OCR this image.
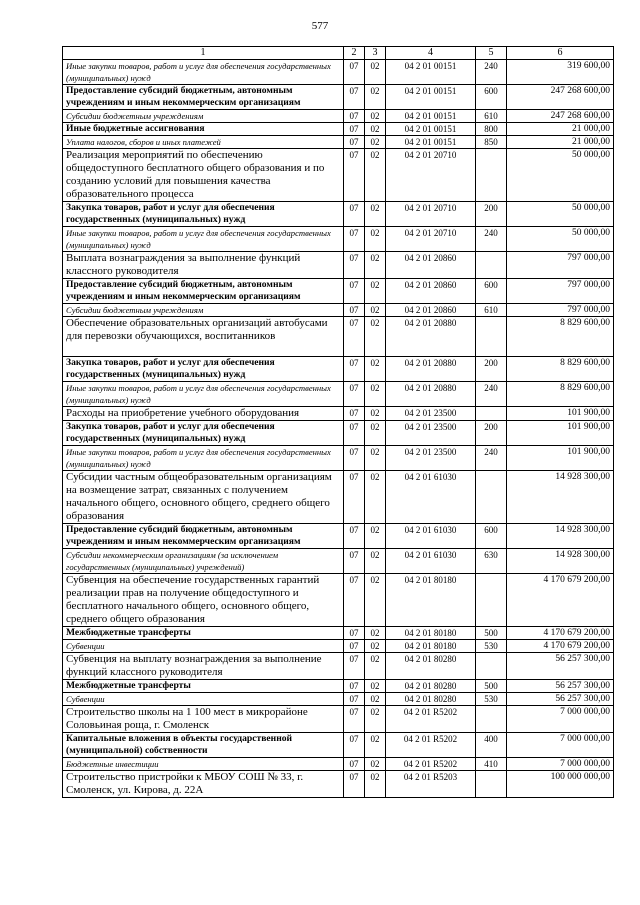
577
1	2	3	4	5	6
Иные закупки товаров, работ и услуг для обеспечения государственных (муниципальных) нужд	07	02	04 2 01 00151	240	319 600,00
Предоставление субсидий бюджетным, автономным учреждениям и иным некоммерческим организациям	07	02	04 2 01 00151	600	247 268 600,00
Субсидии бюджетным учреждениям	07	02	04 2 01 00151	610	247 268 600,00
Иные бюджетные ассигнования	07	02	04 2 01 00151	800	21 000,00
Уплата налогов, сборов и иных платежей	07	02	04 2 01 00151	850	21 000,00
Реализация мероприятий по обеспечению общедоступного бесплатного общего образования и по созданию условий для повышения качества образовательного процесса	07	02	04 2 01 20710		50 000,00
Закупка товаров, работ и услуг для обеспечения государственных (муниципальных) нужд	07	02	04 2 01 20710	200	50 000,00
Иные закупки товаров, работ и услуг для обеспечения государственных (муниципальных) нужд	07	02	04 2 01 20710	240	50 000,00
Выплата вознаграждения за выполнение функций классного руководителя	07	02	04 2 01 20860		797 000,00
Предоставление субсидий бюджетным, автономным учреждениям и иным некоммерческим организациям	07	02	04 2 01 20860	600	797 000,00
Субсидии бюджетным учреждениям	07	02	04 2 01 20860	610	797 000,00
Обеспечение образовательных организаций автобусами для перевозки обучающихся, воспитанников	07	02	04 2 01 20880		8 829 600,00
Закупка товаров, работ и услуг для обеспечения государственных (муниципальных) нужд	07	02	04 2 01 20880	200	8 829 600,00
Иные закупки товаров, работ и услуг для обеспечения государственных (муниципальных) нужд	07	02	04 2 01 20880	240	8 829 600,00
Расходы на приобретение учебного оборудования	07	02	04 2 01 23500		101 900,00
Закупка товаров, работ и услуг для обеспечения государственных (муниципальных) нужд	07	02	04 2 01 23500	200	101 900,00
Иные закупки товаров, работ и услуг для обеспечения государственных (муниципальных) нужд	07	02	04 2 01 23500	240	101 900,00
Субсидии частным общеобразовательным организациям на возмещение затрат, связанных с получением начального общего, основного общего, среднего общего образования	07	02	04 2 01 61030		14 928 300,00
Предоставление субсидий бюджетным, автономным учреждениям и иным некоммерческим организациям	07	02	04 2 01 61030	600	14 928 300,00
Субсидии некоммерческим организациям (за исключением государственных (муниципальных) учреждений)	07	02	04 2 01 61030	630	14 928 300,00
Субвенция на обеспечение государственных гарантий реализации прав на получение общедоступного и бесплатного начального общего, основного общего, среднего общего образования	07	02	04 2 01 80180		4 170 679 200,00
Межбюджетные трансферты	07	02	04 2 01 80180	500	4 170 679 200,00
Субвенции	07	02	04 2 01 80180	530	4 170 679 200,00
Субвенция на выплату вознаграждения за выполнение функций классного руководителя	07	02	04 2 01 80280		56 257 300,00
Межбюджетные трансферты	07	02	04 2 01 80280	500	56 257 300,00
Субвенции	07	02	04 2 01 80280	530	56 257 300,00
Строительство школы на 1 100 мест в микрорайоне Соловьиная роща, г. Смоленск	07	02	04 2 01 R5202		7 000 000,00
Капитальные вложения в объекты государственной (муниципальной) собственности	07	02	04 2 01 R5202	400	7 000 000,00
Бюджетные инвестиции	07	02	04 2 01 R5202	410	7 000 000,00
Строительство пристройки к МБОУ СОШ № 33, г. Смоленск, ул. Кирова, д. 22А	07	02	04 2 01 R5203		100 000 000,00
